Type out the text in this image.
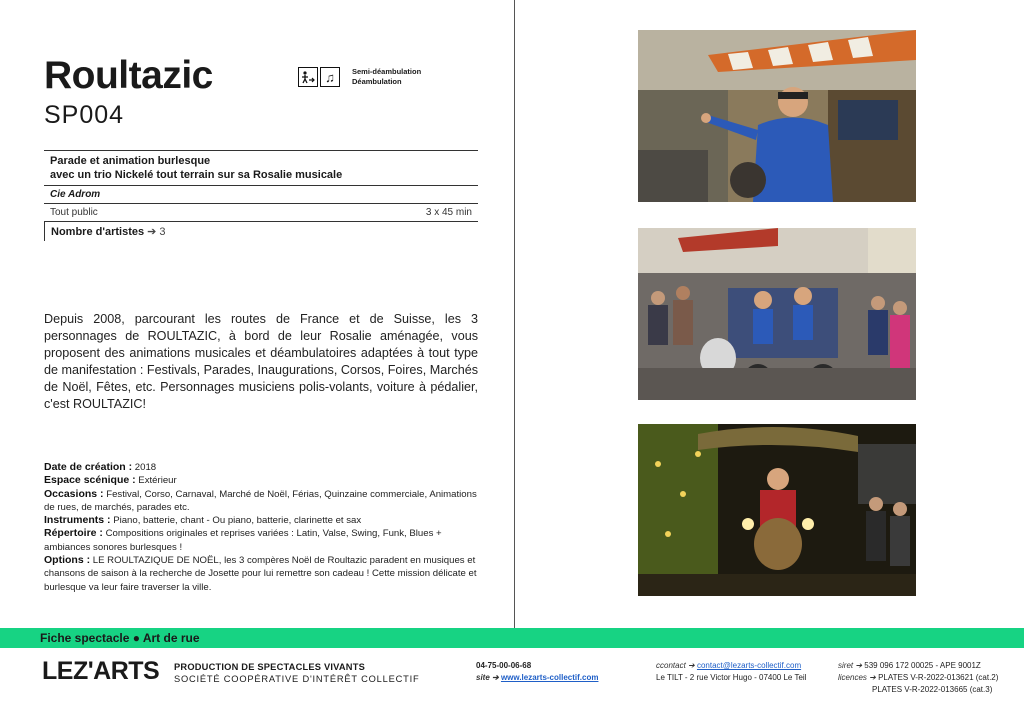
Roultazic
SP004
♫	Semi-déambulation
Déambulation
Parade et animation burlesque
avec un trio Nickelé tout terrain sur sa Rosalie musicale
Cie Adrom
Tout public	3 x 45 min
Nombre d'artistes ➔ 3
Depuis 2008, parcourant les routes de France et de Suisse, les 3 personnages de ROULTAZIC, à bord de leur Rosalie aménagée, vous proposent des animations musicales et déambulatoires adaptées à tout type de manifestation : Festivals, Parades, Inaugurations, Corsos, Foires, Marchés de Noël, Fêtes, etc. Personnages musiciens polis-volants, voiture à pédalier, c'est ROULTAZIC!
Date de création : 2018
Espace scénique : Extérieur
Occasions : Festival, Corso, Carnaval, Marché de Noël, Férias, Quinzaine commerciale, Animations de rues, de marchés, parades etc.
Instruments : Piano, batterie, chant - Ou piano, batterie, clarinette et sax
Répertoire : Compositions originales et reprises variées : Latin, Valse, Swing, Funk, Blues + ambiances sonores burlesques !
Options : LE ROULTAZIQUE DE NOËL, les 3 compères Noël de Roultazic paradent en musiques et chansons de saison à la recherche de Josette pour lui remettre son cadeau ! Cette mission délicate et burlesque va leur faire traverser la ville.
Fiche spectacle ● Art de rue
LEZ'ARTS PRODUCTION DE SPECTACLES VIVANTS
SOCIÉTÉ COOPÉRATIVE D'INTÉRÊT COLLECTIF
04-75-00-06-68
site ➔ www.lezarts-collectif.com
ccontact ➔ contact@lezarts-collectif.com
Le TILT - 2 rue Victor Hugo - 07400 Le Teil
siret ➔ 539 096 172 00025 - APE 9001Z
licences ➔ PLATES V-R-2022-013621 (cat.2)
PLATES V-R-2022-013665 (cat.3)
